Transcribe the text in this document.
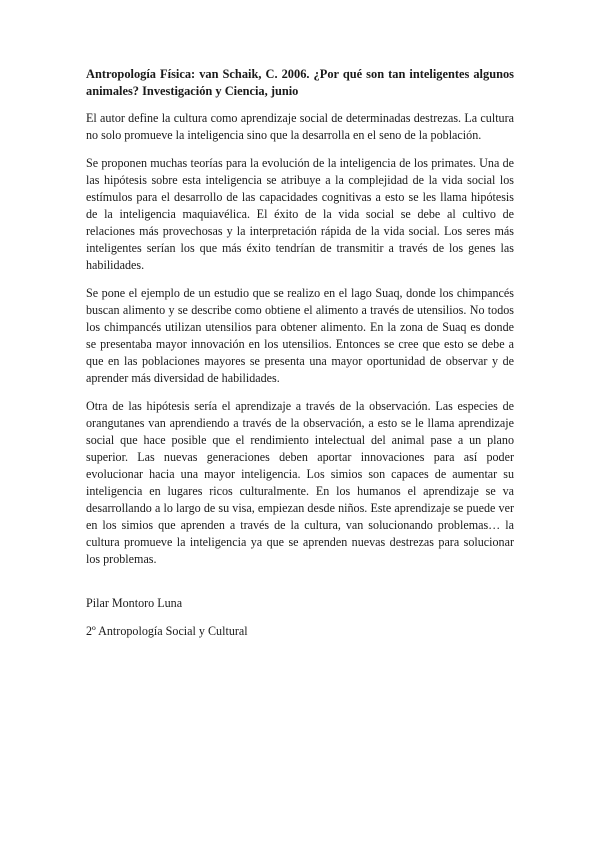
Antropología Física: van Schaik, C. 2006. ¿Por qué son tan inteligentes algunos animales? Investigación y Ciencia, junio

El autor define la cultura como aprendizaje social de determinadas destrezas. La cultura no solo promueve la inteligencia sino que la desarrolla en el seno de la población.

Se proponen muchas teorías para la evolución de la inteligencia de los primates. Una de las hipótesis sobre esta inteligencia se atribuye a la complejidad de la vida social los estímulos para el desarrollo de las capacidades cognitivas a esto se les llama hipótesis de la inteligencia maquiavélica. El éxito de la vida social se debe al cultivo de relaciones más provechosas y la interpretación rápida de la vida social. Los seres más inteligentes serían los que más éxito tendrían de transmitir a través de los genes las habilidades.

Se pone el ejemplo de un estudio que se realizo en el lago Suaq, donde los chimpancés buscan alimento y se describe como obtiene el alimento a través de utensilios. No todos los chimpancés utilizan utensilios para obtener alimento. En la zona de Suaq es donde se presentaba mayor innovación en los utensilios. Entonces se cree que esto se debe a que en las poblaciones mayores se presenta una mayor oportunidad de observar y de aprender más diversidad de habilidades.

Otra de las hipótesis sería el aprendizaje a través de la observación. Las especies de orangutanes van aprendiendo a través de la observación, a esto se le llama aprendizaje social que hace posible que el rendimiento intelectual del animal pase a un plano superior. Las nuevas generaciones deben aportar innovaciones para así poder evolucionar hacia una mayor inteligencia. Los simios son capaces de aumentar su inteligencia en lugares ricos culturalmente. En los humanos el aprendizaje se va desarrollando a lo largo de su visa, empiezan desde niños. Este aprendizaje se puede ver en los simios que aprenden a través de la cultura, van solucionando problemas… la cultura promueve la inteligencia ya que se aprenden nuevas destrezas para solucionar los problemas.

Pilar Montoro Luna

2º Antropología Social y Cultural
